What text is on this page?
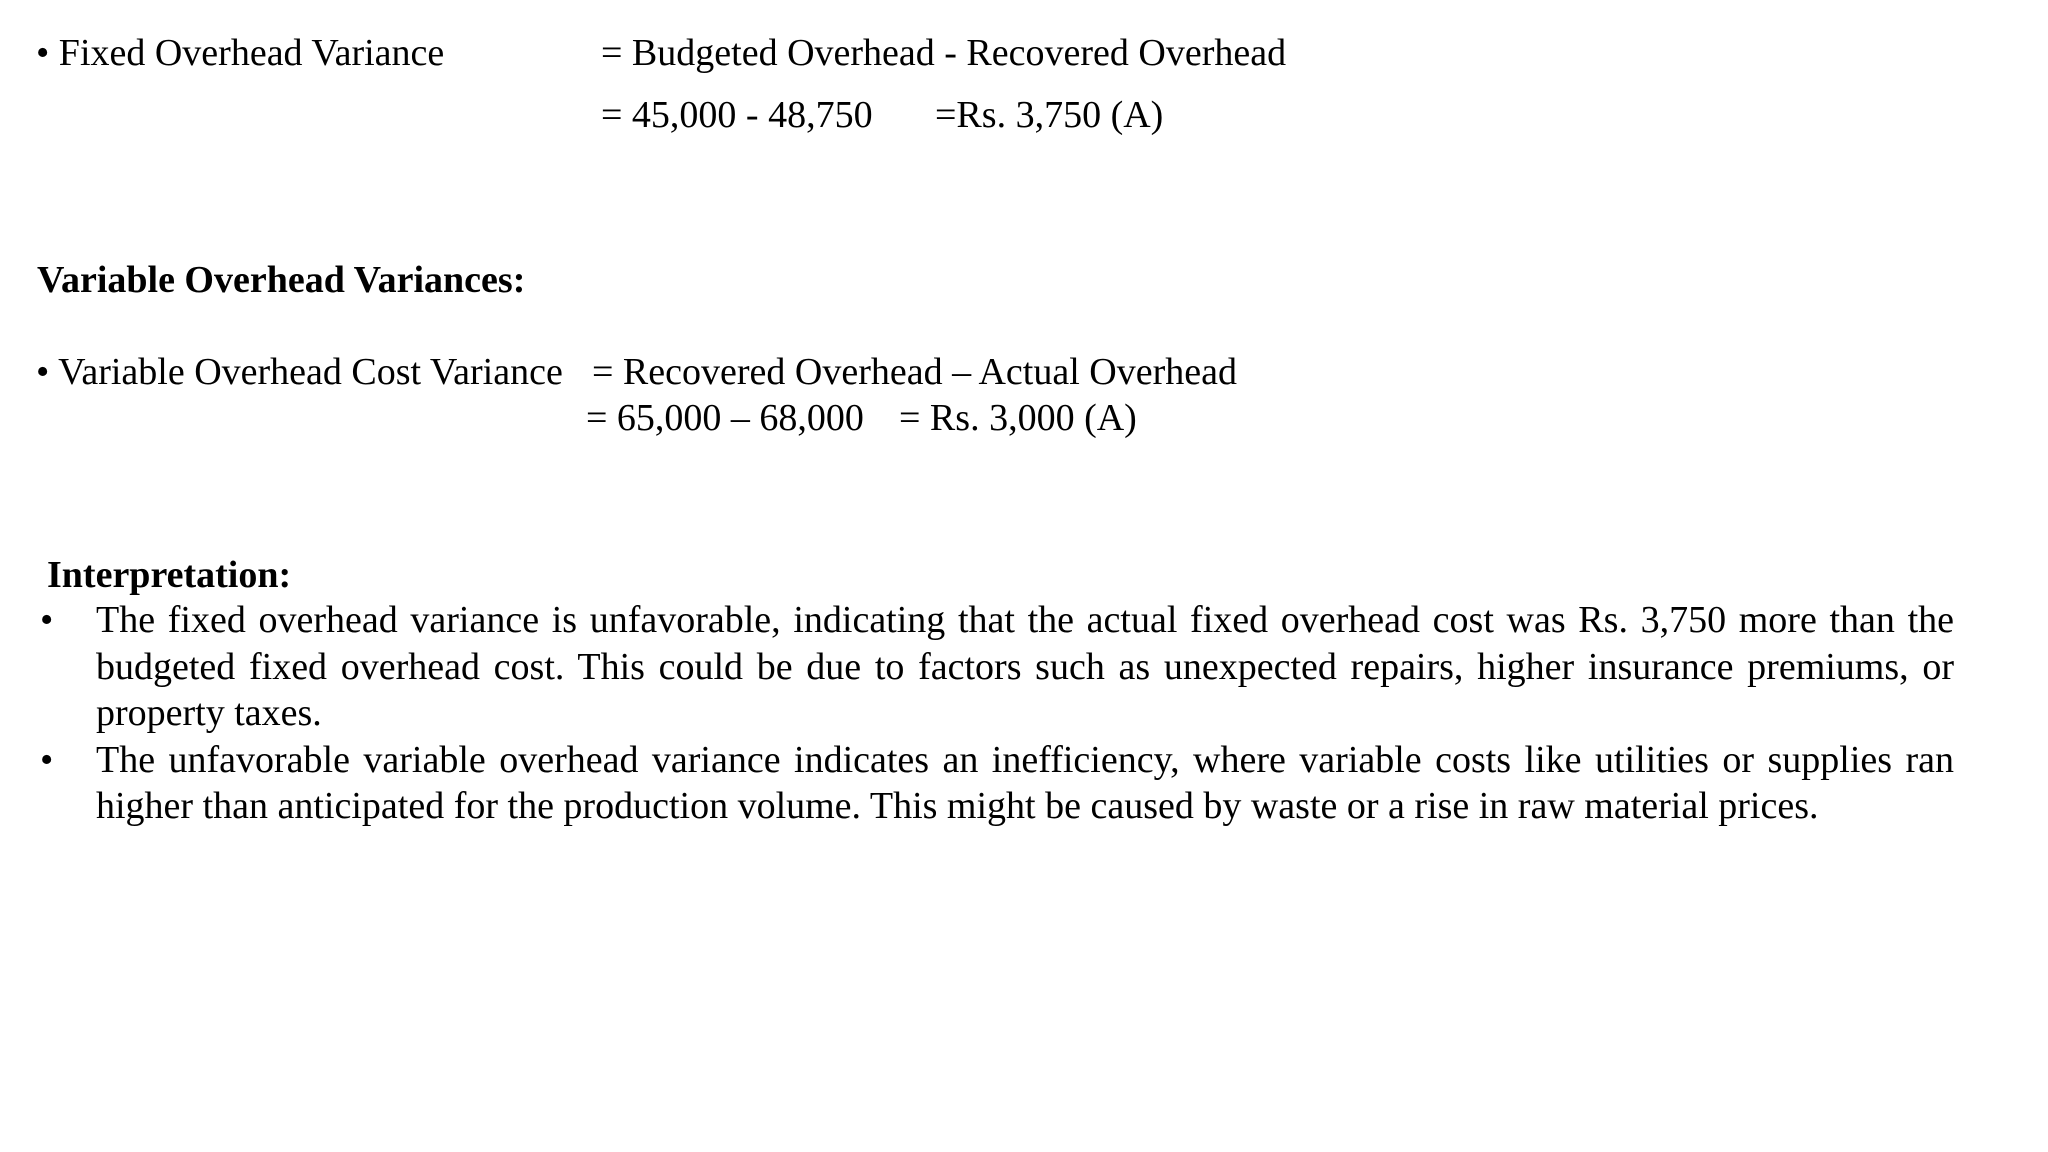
• Fixed Overhead Variance	= Budgeted Overhead - Recovered Overhead
= 45,000 - 48,750 =Rs. 3,750 (A)
Variable Overhead Variances:
• Variable Overhead Cost Variance = Recovered Overhead – Actual Overhead
= 65,000 – 68,000 = Rs. 3,000 (A)
Interpretation:
• The fixed overhead variance is unfavorable, indicating that the actual fixed overhead cost was Rs. 3,750 more than the budgeted fixed overhead cost. This could be due to factors such as unexpected repairs, higher insurance premiums, or property taxes.
• The unfavorable variable overhead variance indicates an inefficiency, where variable costs like utilities or supplies ran higher than anticipated for the production volume. This might be caused by waste or a rise in raw material prices.
